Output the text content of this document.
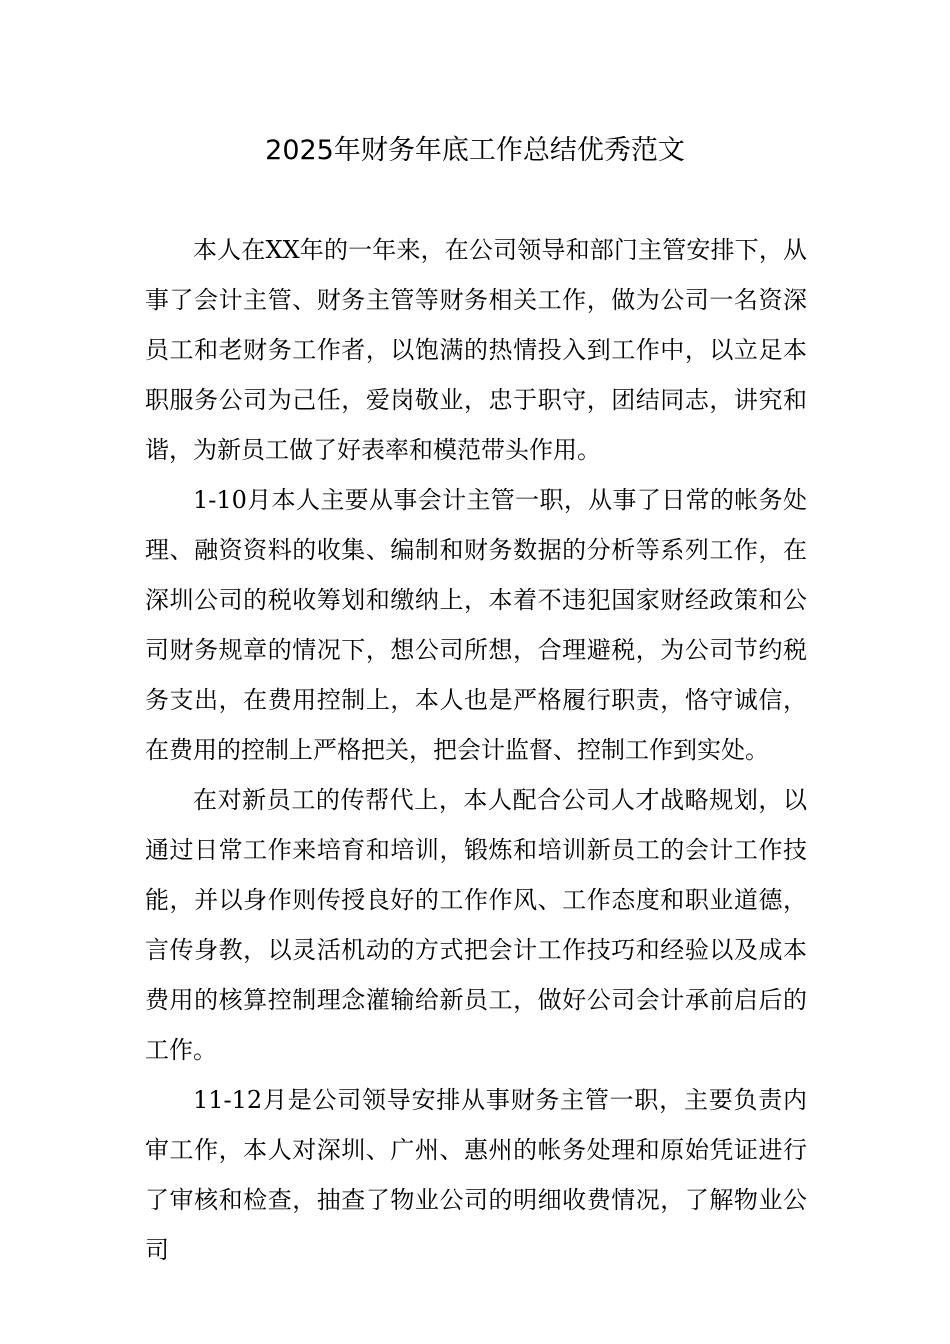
2025年财务年底工作总结优秀范文

本人在XX年的一年来，在公司领导和部门主管安排下，从事了会计主管、财务主管等财务相关工作，做为公司一名资深员工和老财务工作者，以饱满的热情投入到工作中，以立足本职服务公司为己任，爱岗敬业，忠于职守，团结同志，讲究和谐，为新员工做了好表率和模范带头作用。

1-10月本人主要从事会计主管一职，从事了日常的帐务处理、融资资料的收集、编制和财务数据的分析等系列工作，在深圳公司的税收筹划和缴纳上，本着不违犯国家财经政策和公司财务规章的情况下，想公司所想，合理避税，为公司节约税务支出，在费用控制上，本人也是严格履行职责，恪守诚信，在费用的控制上严格把关，把会计监督、控制工作到实处。

在对新员工的传帮代上，本人配合公司人才战略规划，以通过日常工作来培育和培训，锻炼和培训新员工的会计工作技能，并以身作则传授良好的工作作风、工作态度和职业道德，言传身教，以灵活机动的方式把会计工作技巧和经验以及成本费用的核算控制理念灌输给新员工，做好公司会计承前启后的工作。

11-12月是公司领导安排从事财务主管一职，主要负责内审工作，本人对深圳、广州、惠州的帐务处理和原始凭证进行了审核和检查，抽查了物业公司的明细收费情况，了解物业公司
